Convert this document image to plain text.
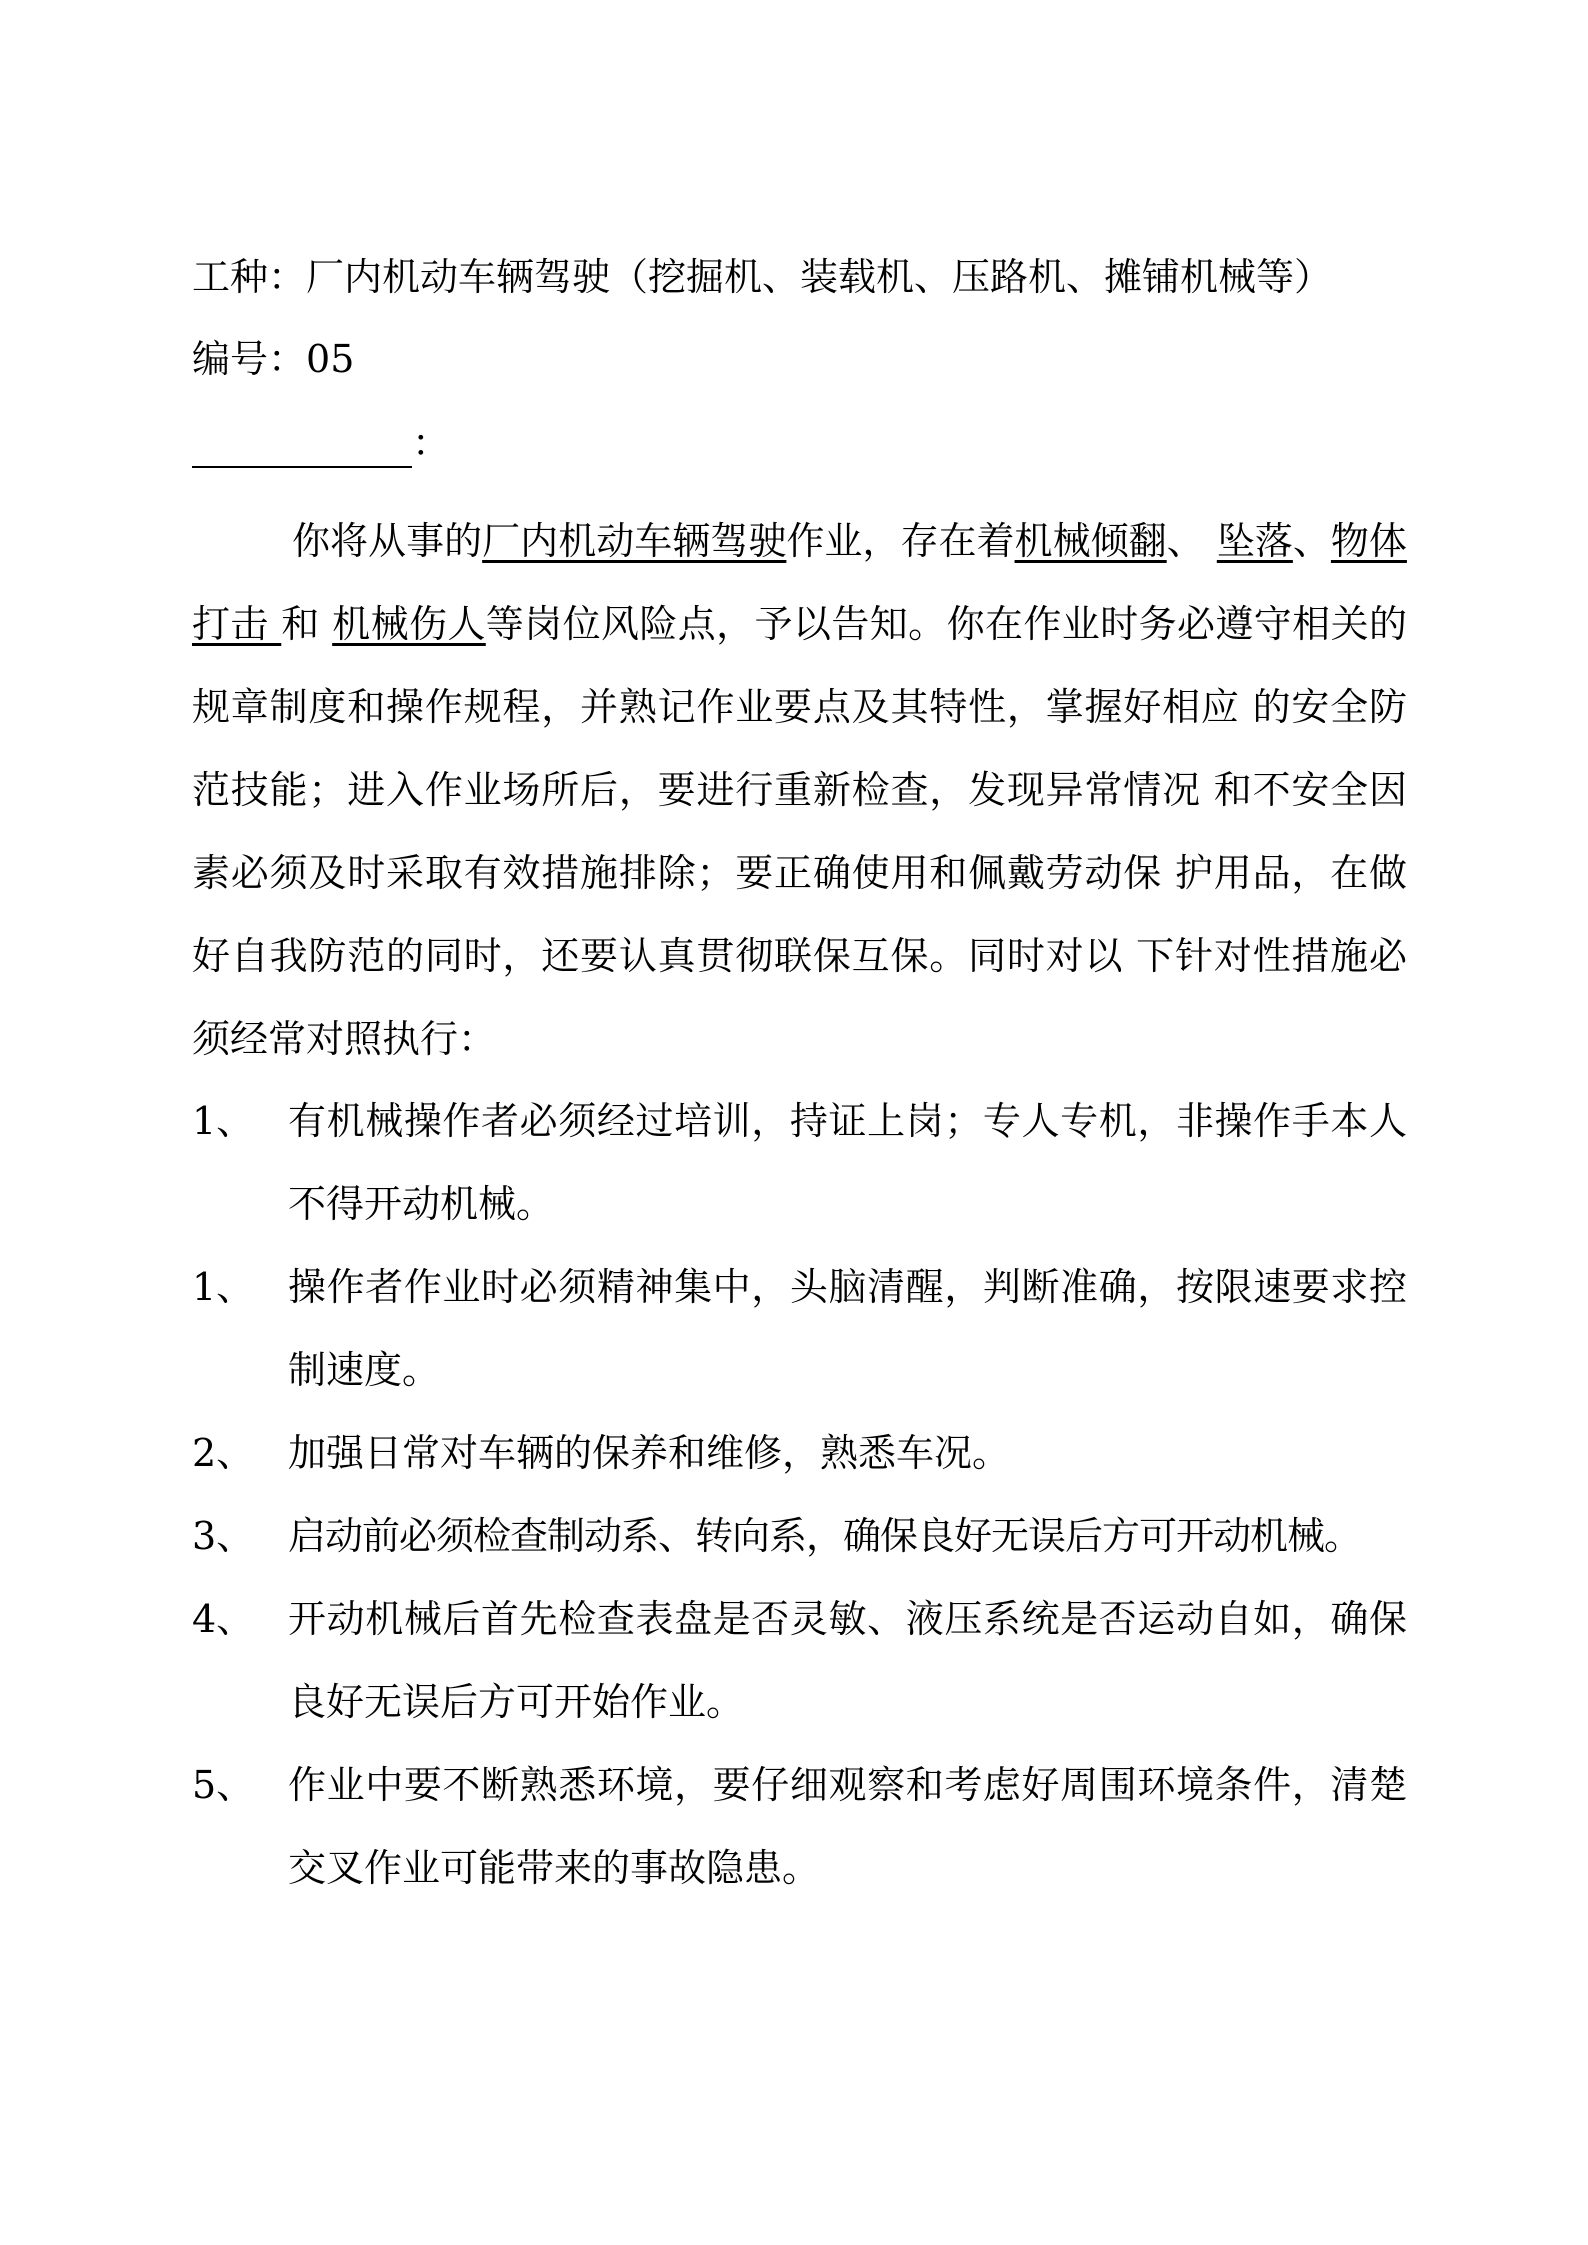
工种：厂内机动车辆驾驶（挖掘机、装载机、压路机、摊铺机械等）
编号：05
：
你将从事的厂内机动车辆驾驶作业，存在着机械倾翻、 坠落、物体打击 和 机械伤人等岗位风险点，予以告知。你在作业时务必遵守相关的规章制度和操作规程，并熟记作业要点及其特性，掌握好相应 的安全防范技能；进入作业场所后，要进行重新检查，发现异常情况 和不安全因素必须及时采取有效措施排除；要正确使用和佩戴劳动保 护用品，在做好自我防范的同时，还要认真贯彻联保互保。同时对以 下针对性措施必须经常对照执行：
1、 有机械操作者必须经过培训，持证上岗；专人专机，非操作手本人不得开动机械。
1、 操作者作业时必须精神集中，头脑清醒，判断准确，按限速要求控制速度。
2、 加强日常对车辆的保养和维修，熟悉车况。
3、 启动前必须检查制动系、转向系，确保良好无误后方可开动机械。
4、 开动机械后首先检查表盘是否灵敏、液压系统是否运动自如，确保良好无误后方可开始作业。
5、 作业中要不断熟悉环境，要仔细观察和考虑好周围环境条件，清楚交叉作业可能带来的事故隐患。
